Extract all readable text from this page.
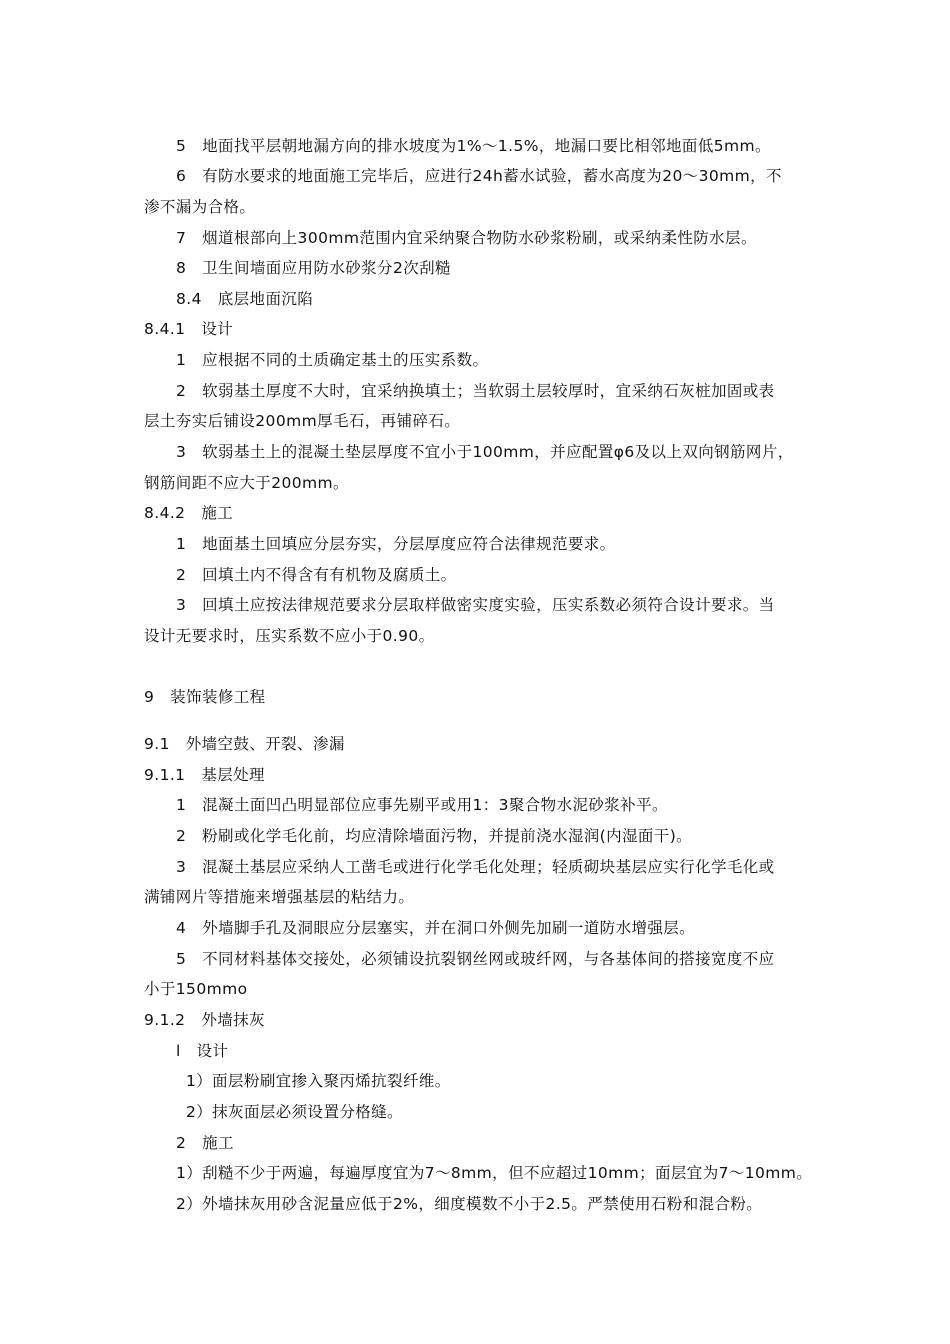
5　地面找平层朝地漏方向的排水坡度为1%～1.5%，地漏口要比相邻地面低5mm。
6　有防水要求的地面施工完毕后，应进行24h蓄水试验，蓄水高度为20～30mm，不
渗不漏为合格。
7　烟道根部向上300mm范围内宜采纳聚合物防水砂浆粉刷，或采纳柔性防水层。
8　卫生间墙面应用防水砂浆分2次刮糙
8.4　底层地面沉陷
8.4.1　设计
1　应根据不同的土质确定基土的压实系数。
2　软弱基土厚度不大时，宜采纳换填土；当软弱土层较厚时，宜采纳石灰桩加固或表
层土夯实后铺设200mm厚毛石，再铺碎石。
3　软弱基土上的混凝土垫层厚度不宜小于100mm，并应配置φ6及以上双向钢筋网片，
钢筋间距不应大于200mm。
8.4.2　施工
1　地面基土回填应分层夯实，分层厚度应符合法律规范要求。
2　回填土内不得含有有机物及腐质土。
3　回填土应按法律规范要求分层取样做密实度实验，压实系数必须符合设计要求。当
设计无要求时，压实系数不应小于0.90。
9　装饰装修工程
9.1　外墙空鼓、开裂、渗漏
9.1.1　基层处理
1　混凝土面凹凸明显部位应事先剔平或用1：3聚合物水泥砂浆补平。
2　粉刷或化学毛化前，均应清除墙面污物，并提前浇水湿润(内湿面干)。
3　混凝土基层应采纳人工凿毛或进行化学毛化处理；轻质砌块基层应实行化学毛化或
满铺网片等措施来增强基层的粘结力。
4　外墙脚手孔及洞眼应分层塞实，并在洞口外侧先加刷一道防水增强层。
5　不同材料基体交接处，必须铺设抗裂钢丝网或玻纤网，与各基体间的搭接宽度不应
小于150mmo
9.1.2　外墙抹灰
l　设计
1）面层粉刷宜掺入聚丙烯抗裂纤维。
2）抹灰面层必须设置分格缝。
2　施工
1）刮糙不少于两遍，每遍厚度宜为7～8mm，但不应超过10mm；面层宜为7～10mm。
2）外墙抹灰用砂含泥量应低于2%，细度模数不小于2.5。严禁使用石粉和混合粉。
